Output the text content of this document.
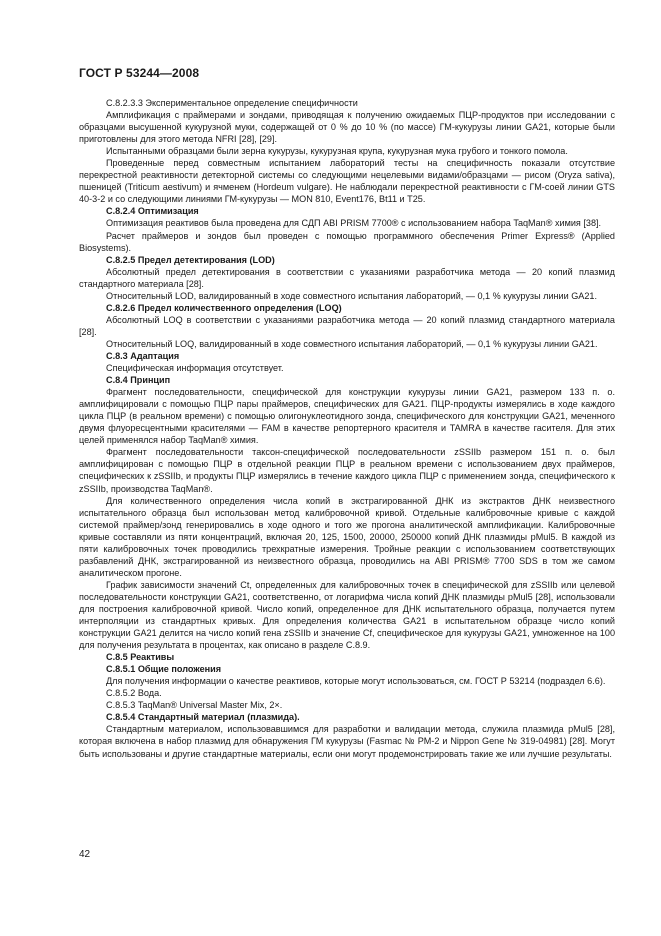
ГОСТ Р 53244—2008

С.8.2.3.3 Экспериментальное определение специфичности

Амплификация с праймерами и зондами, приводящая к получению ожидаемых ПЦР-продуктов при исследовании с образцами высушенной кукурузной муки, содержащей от 0 % до 10 % (по массе) ГМ-кукурузы линии GA21, которые были приготовлены для этого метода NFRI [28], [29].

Испытанными образцами были зерна кукурузы, кукурузная крупа, кукурузная мука грубого и тонкого помола.

Проведенные перед совместным испытанием лабораторий тесты на специфичность показали отсутствие перекрестной реактивности детекторной системы со следующими нецелевыми видами/образцами — рисом (Oryza sativa), пшеницей (Triticum aestivum) и ячменем (Hordeum vulgare). Не наблюдали перекрестной реактивности с ГМ-соей линии GTS 40-3-2 и со следующими линиями ГМ-кукурузы — MON 810, Event176, Bt11 и T25.

С.8.2.4 Оптимизация

Оптимизация реактивов была проведена для СДП ABI PRISM 7700® с использованием набора TaqMan® химия [38].

Расчет праймеров и зондов был проведен с помощью программного обеспечения Primer Express® (Applied Biosystems).

С.8.2.5 Предел детектирования (LOD)

Абсолютный предел детектирования в соответствии с указаниями разработчика метода — 20 копий плазмид стандартного материала [28].

Относительный LOD, валидированный в ходе совместного испытания лабораторий, — 0,1 % кукурузы линии GA21.

С.8.2.6 Предел количественного определения (LOQ)

Абсолютный LOQ в соответствии с указаниями разработчика метода — 20 копий плазмид стандартного материала [28].

Относительный LOQ, валидированный в ходе совместного испытания лабораторий, — 0,1 % кукурузы линии GA21.

С.8.3 Адаптация

Специфическая информация отсутствует.

С.8.4 Принцип

Фрагмент последовательности, специфической для конструкции кукурузы линии GA21, размером 133 п. о. амплифицировали с помощью ПЦР пары праймеров, специфических для GA21. ПЦР-продукты измерялись в ходе каждого цикла ПЦР (в реальном времени) с помощью олигонуклеотидного зонда, специфического для конструкции GA21, меченного двумя флуоресцентными красителями — FAM в качестве репортерного красителя и TAMRA в качестве гасителя. Для этих целей применялся набор TaqMan® химия.

Фрагмент последовательности таксон-специфической последовательности zSSIIb размером 151 п. о. был амплифицирован с помощью ПЦР в отдельной реакции ПЦР в реальном времени с использованием двух праймеров, специфических к zSSIIb, и продукты ПЦР измерялись в течение каждого цикла ПЦР с применением зонда, специфического к zSSIIb, производства TaqMan®.

Для количественного определения числа копий в экстрагированной ДНК из экстрактов ДНК неизвестного испытательного образца был использован метод калибровочной кривой. Отдельные калибровочные кривые с каждой системой праймер/зонд генерировались в ходе одного и того же прогона аналитической амплификации. Калибровочные кривые составляли из пяти концентраций, включая 20, 125, 1500, 20000, 250000 копий ДНК плазмиды pMul5. В каждой из пяти калибровочных точек проводились трехкратные измерения. Тройные реакции с использованием соответствующих разбавлений ДНК, экстрагированной из неизвестного образца, проводились на ABI PRISM® 7700 SDS в том же самом аналитическом прогоне.

График зависимости значений Ct, определенных для калибровочных точек в специфической для zSSIIb или целевой последовательности конструкции GA21, соответственно, от логарифма числа копий ДНК плазмиды pMul5 [28], использовали для построения калибровочной кривой. Число копий, определенное для ДНК испытательного образца, получается путем интерполяции из стандартных кривых. Для определения количества GA21 в испытательном образце число копий конструкции GA21 делится на число копий гена zSSIIb и значение Cf, специфическое для кукурузы GA21, умноженное на 100 для получения результата в процентах, как описано в разделе С.8.9.

С.8.5 Реактивы

С.8.5.1 Общие положения

Для получения информации о качестве реактивов, которые могут использоваться, см. ГОСТ Р 53214 (подраздел 6.6).

С.8.5.2 Вода.

С.8.5.3 TaqMan® Universal Master Mix, 2×.

С.8.5.4 Стандартный материал (плазмида).

Стандартным материалом, использовавшимся для разработки и валидации метода, служила плазмида pMul5 [28], которая включена в набор плазмид для обнаружения ГМ кукурузы (Fasmac № PM-2 и Nippon Gene № 319-04981) [28]. Могут быть использованы и другие стандартные материалы, если они могут продемонстрировать такие же или лучшие результаты.

42
